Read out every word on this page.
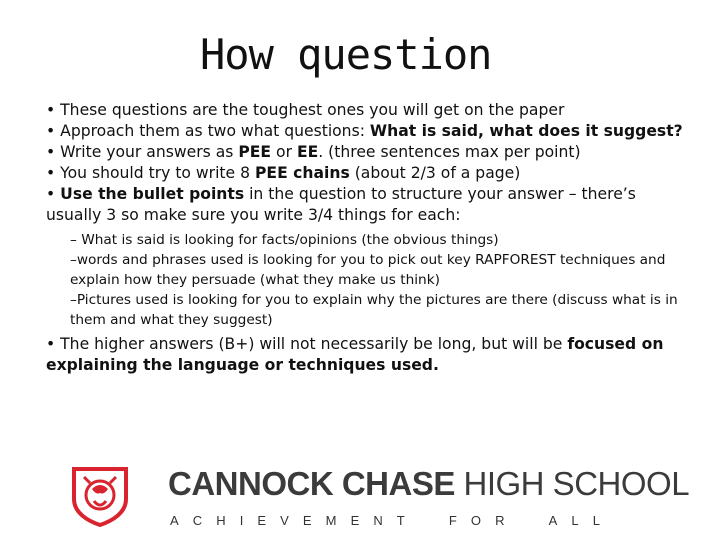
How question

• These questions are the toughest ones you will get on the paper

• Approach them as two what questions: What is said, what does it suggest?

• Write your answers as PEE or EE. (three sentences max per point)

• You should try to write 8 PEE chains (about 2/3 of a page)

• Use the bullet points in the question to structure your answer – there’s usually 3 so make sure you write 3/4 things for each:

– What is said is looking for facts/opinions (the obvious things)

–words and phrases used is looking for you to pick out key RAPFOREST techniques and explain how they persuade (what they make us think)

–Pictures used is looking for you to explain why the pictures are there (discuss what is in them and what they suggest)

• The higher answers (B+) will not necessarily be long, but will be focused on explaining the language or techniques used.

CANNOCK CHASE HIGH SCHOOL
A C H I E V E M E N T	F O R	A L L
